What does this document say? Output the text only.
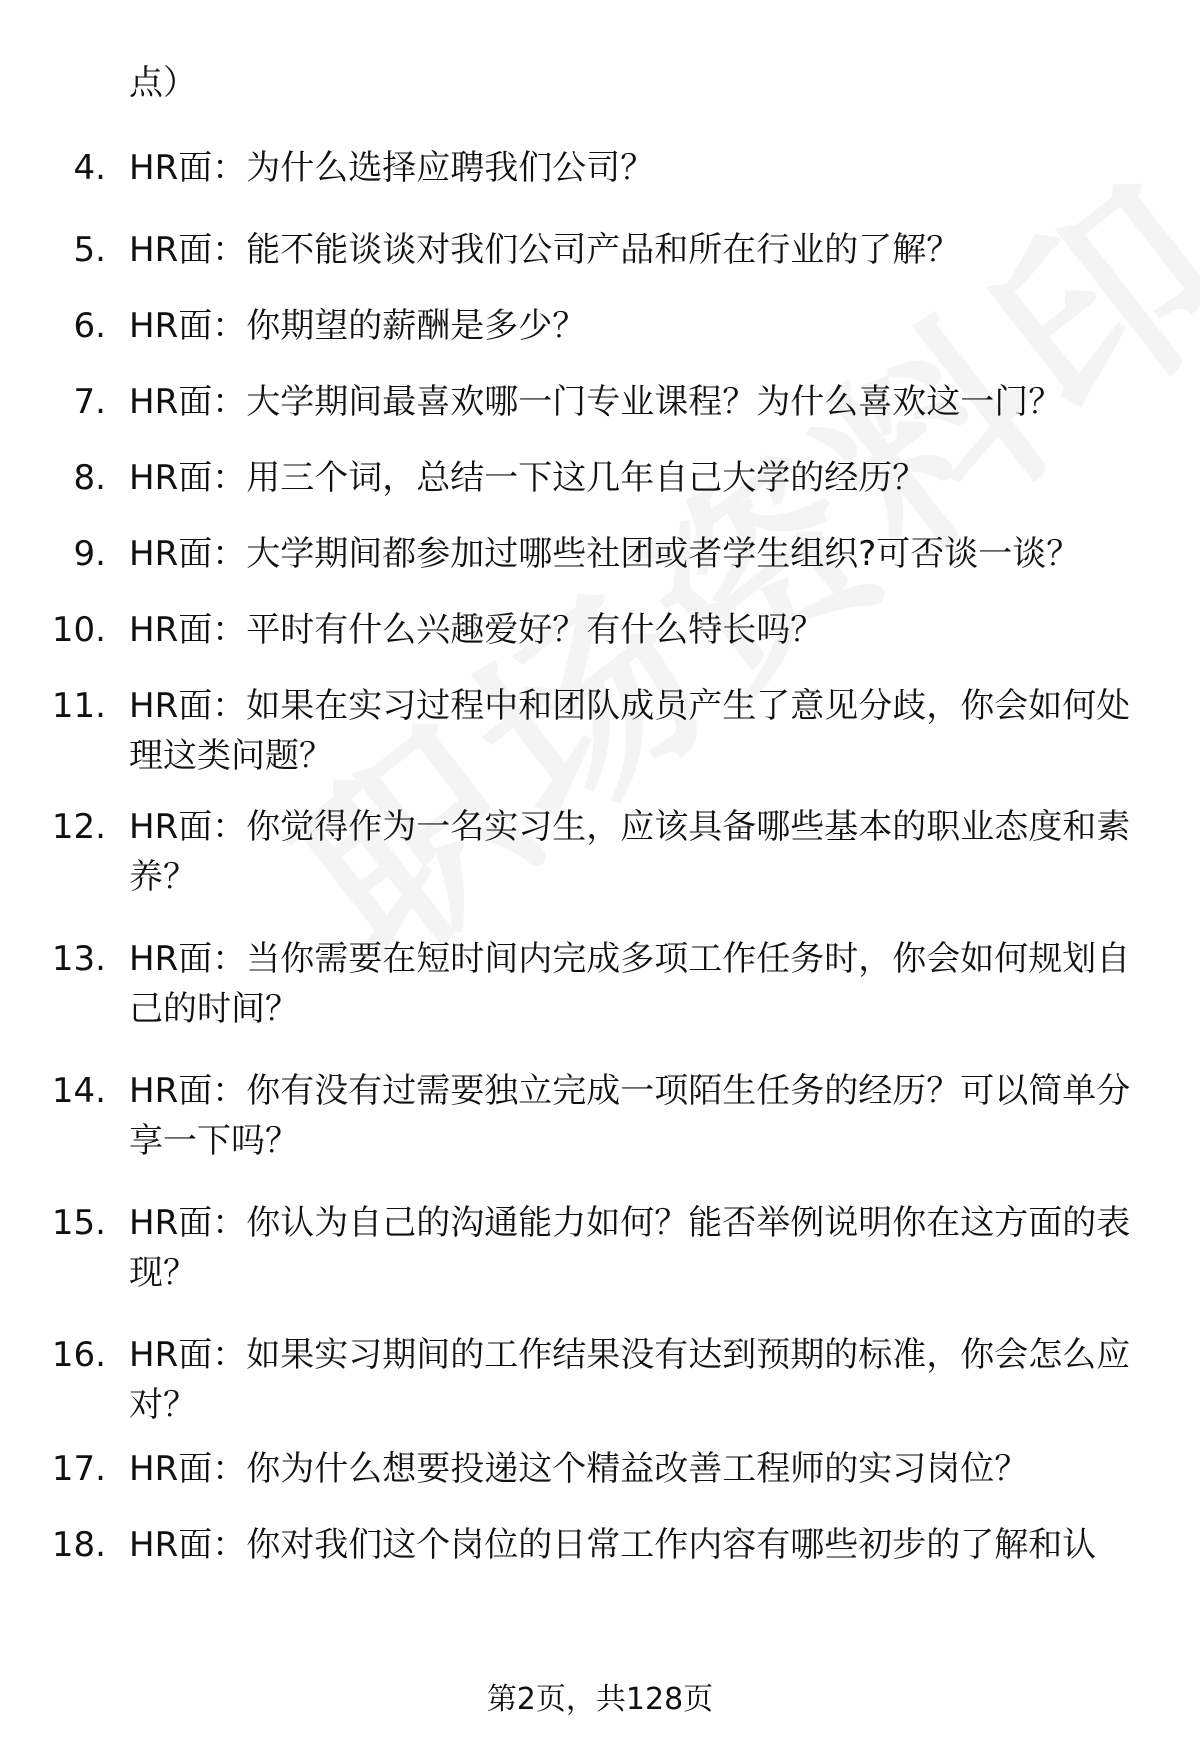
点）
4. HR面：为什么选择应聘我们公司？
5. HR面：能不能谈谈对我们公司产品和所在行业的了解？
6. HR面：你期望的薪酬是多少？
7. HR面：大学期间最喜欢哪一门专业课程？为什么喜欢这一门？
8. HR面：用三个词，总结一下这几年自己大学的经历？
9. HR面：大学期间都参加过哪些社团或者学生组织?可否谈一谈？
10. HR面：平时有什么兴趣爱好？有什么特长吗？
11. HR面：如果在实习过程中和团队成员产生了意见分歧，你会如何处理这类问题？
12. HR面：你觉得作为一名实习生，应该具备哪些基本的职业态度和素养？
13. HR面：当你需要在短时间内完成多项工作任务时，你会如何规划自己的时间？
14. HR面：你有没有过需要独立完成一项陌生任务的经历？可以简单分享一下吗？
15. HR面：你认为自己的沟通能力如何？能否举例说明你在这方面的表现？
16. HR面：如果实习期间的工作结果没有达到预期的标准，你会怎么应对？
17. HR面：你为什么想要投递这个精益改善工程师的实习岗位？
18. HR面：你对我们这个岗位的日常工作内容有哪些初步的了解和认
第2页，共128页
